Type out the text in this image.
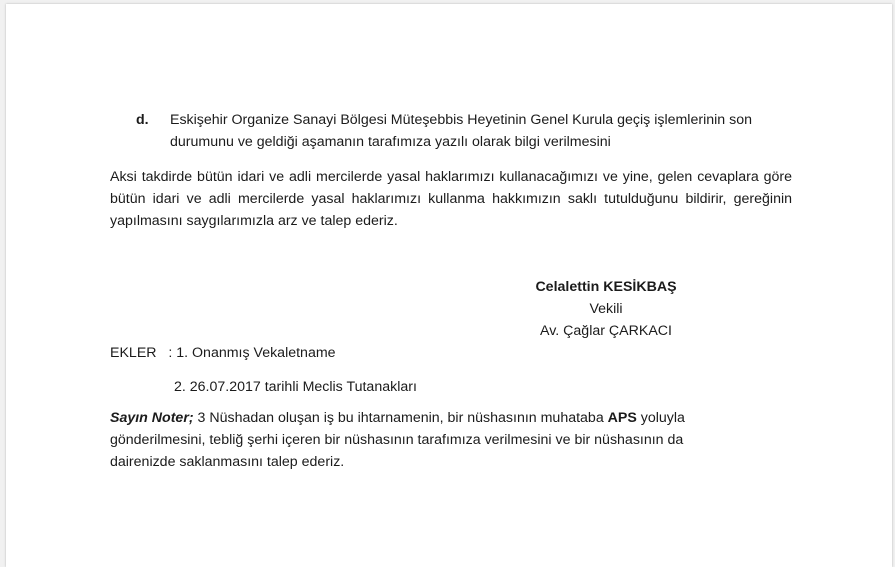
d. Eskişehir Organize Sanayi Bölgesi Müteşebbis Heyetinin Genel Kurula geçiş işlemlerinin son durumunu ve geldiği aşamanın tarafımıza yazılı olarak bilgi verilmesini
Aksi takdirde bütün idari ve adli mercilerde yasal haklarımızı kullanacağımızı ve yine, gelen cevaplara göre bütün idari ve adli mercilerde yasal haklarımızı kullanma hakkımızın saklı tutulduğunu bildirir, gereğinin yapılmasını saygılarımızla arz ve talep ederiz.
Celalettin KESİKBAŞ
Vekili
Av. Çağlar ÇARKACI
EKLER : 1. Onanmış Vekaletname
2. 26.07.2017 tarihli Meclis Tutanakları
Sayın Noter; 3 Nüshadan oluşan iş bu ihtarnamenin, bir nüshasının muhataba APS yoluyla gönderilmesini, tebliğ şerhi içeren bir nüshasının tarafımıza verilmesini ve bir nüshasının da dairenizde saklanmasını talep ederiz.
